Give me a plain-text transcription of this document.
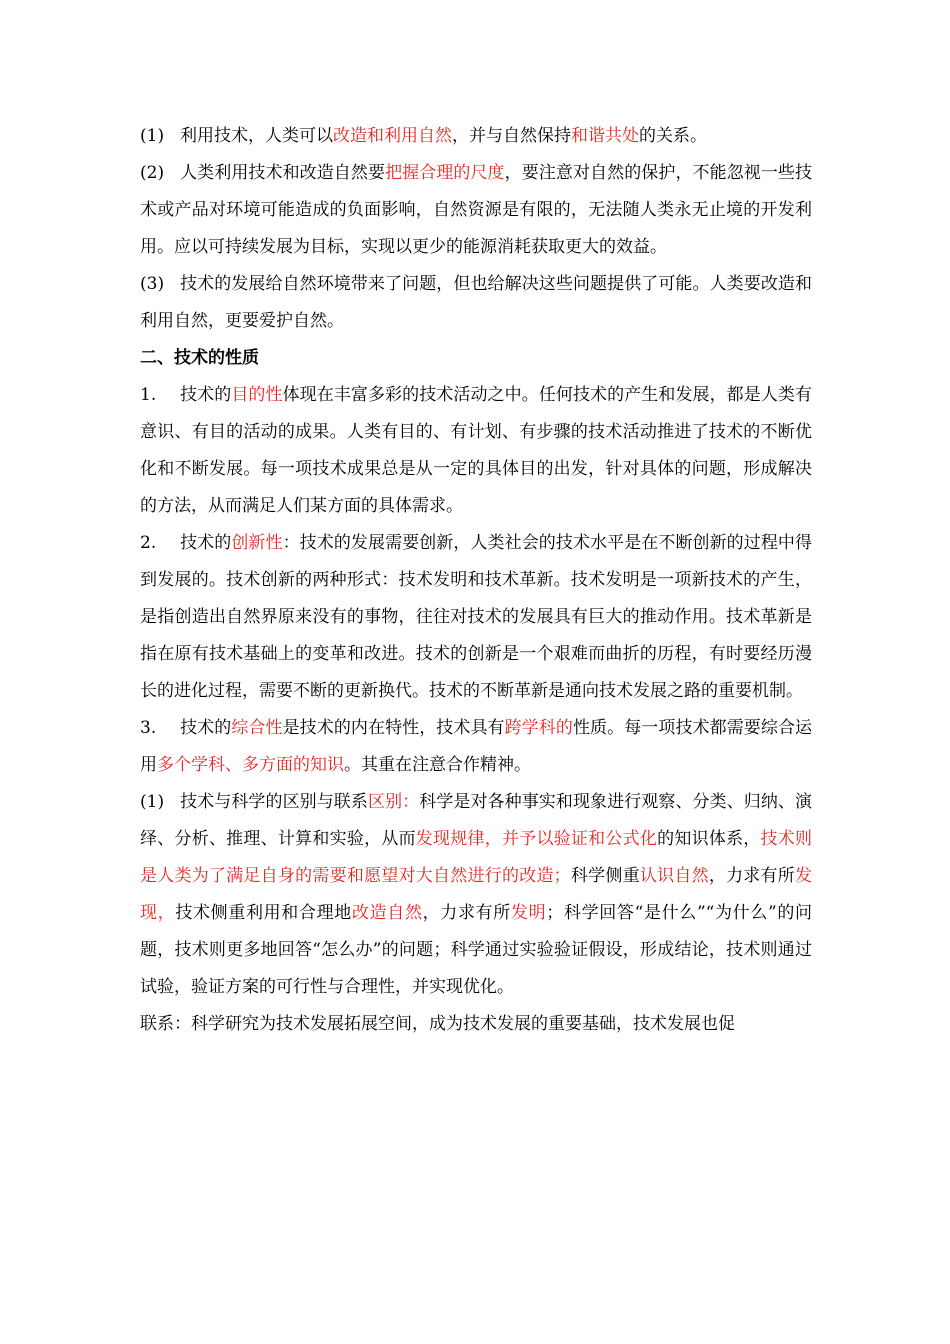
(1) 利用技术，人类可以改造和利用自然，并与自然保持和谐共处的关系。

(2) 人类利用技术和改造自然要把握合理的尺度，要注意对自然的保护，不能忽视一些技术或产品对环境可能造成的负面影响，自然资源是有限的，无法随人类永无止境的开发利用。应以可持续发展为目标，实现以更少的能源消耗获取更大的效益。

(3) 技术的发展给自然环境带来了问题，但也给解决这些问题提供了可能。人类要改造和利用自然，更要爱护自然。

二、技术的性质

1. 技术的目的性体现在丰富多彩的技术活动之中。任何技术的产生和发展，都是人类有意识、有目的活动的成果。人类有目的、有计划、有步骤的技术活动推进了技术的不断优化和不断发展。每一项技术成果总是从一定的具体目的出发，针对具体的问题，形成解决的方法，从而满足人们某方面的具体需求。

2. 技术的创新性：技术的发展需要创新，人类社会的技术水平是在不断创新的过程中得到发展的。技术创新的两种形式：技术发明和技术革新。技术发明是一项新技术的产生，是指创造出自然界原来没有的事物，往往对技术的发展具有巨大的推动作用。技术革新是指在原有技术基础上的变革和改进。技术的创新是一个艰难而曲折的历程，有时要经历漫长的进化过程，需要不断的更新换代。技术的不断革新是通向技术发展之路的重要机制。

3. 技术的综合性是技术的内在特性，技术具有跨学科的性质。每一项技术都需要综合运用多个学科、多方面的知识。其重在注意合作精神。

(1) 技术与科学的区别与联系区别：科学是对各种事实和现象进行观察、分类、归纳、演绎、分析、推理、计算和实验，从而发现规律，并予以验证和公式化的知识体系，技术则是人类为了满足自身的需要和愿望对大自然进行的改造；科学侧重认识自然，力求有所发现，技术侧重利用和合理地改造自然，力求有所发明；科学回答“是什么”“为什么”的问题，技术则更多地回答“怎么办”的问题；科学通过实验验证假设，形成结论，技术则通过试验，验证方案的可行性与合理性，并实现优化。

联系：科学研究为技术发展拓展空间，成为技术发展的重要基础，技术发展也促
